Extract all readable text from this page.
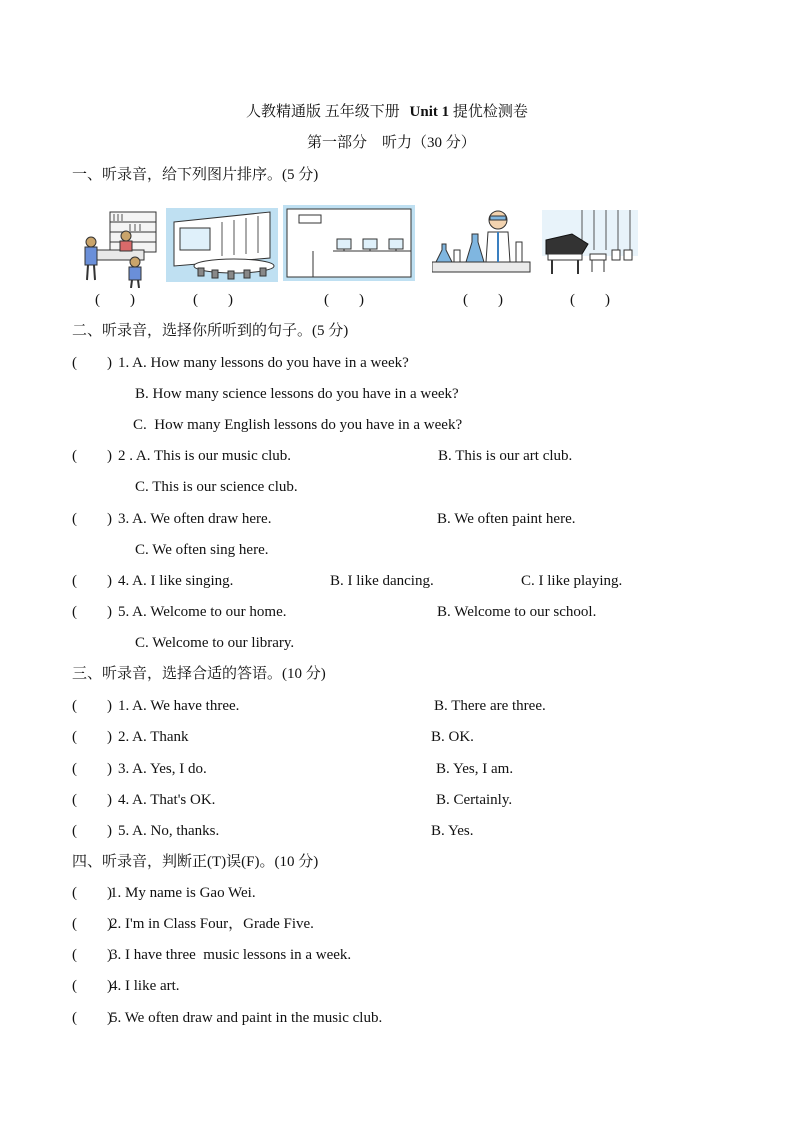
人教精通版 五年级下册 Unit 1 提优检测卷
第一部分    听力（30 分）
一、听录音，给下列图片排序。(5 分)
(        )	(        )	(        )	(        )	(        )
二、听录音，选择你所听到的句子。(5 分)
(        ) 1. A. How many lessons do you have in a week?
B. How many science lessons do you have in a week?
C.  How many English lessons do you have in a week?
(        ) 2 . A. This is our music club.	B. This is our art club.
C. This is our science club.
(        ) 3. A. We often draw here.	B. We often paint here.
C. We often sing here.
(        ) 4. A. I like singing.	B. I like dancing.	C. I like playing.
(        ) 5. A. Welcome to our home.	B. Welcome to our school.
C. Welcome to our library.
三、听录音，选择合适的答语。(10 分)
(        ) 1. A. We have three.	B. There are three.
(        ) 2. A. Thank	B. OK.
(        ) 3. A. Yes, I do.	B. Yes, I am.
(        ) 4. A. That's OK.	B. Certainly.
(        ) 5. A. No, thanks.	B. Yes.
四、听录音，判断正(T)误(F)。(10 分)
(        )
1. My name is Gao Wei.
(        )
2. I'm in Class Four，Grade Five.
(        )
3. I have three  music lessons in a week.
(        )
4. I like art.
(        )
5. We often draw and paint in the music club.
